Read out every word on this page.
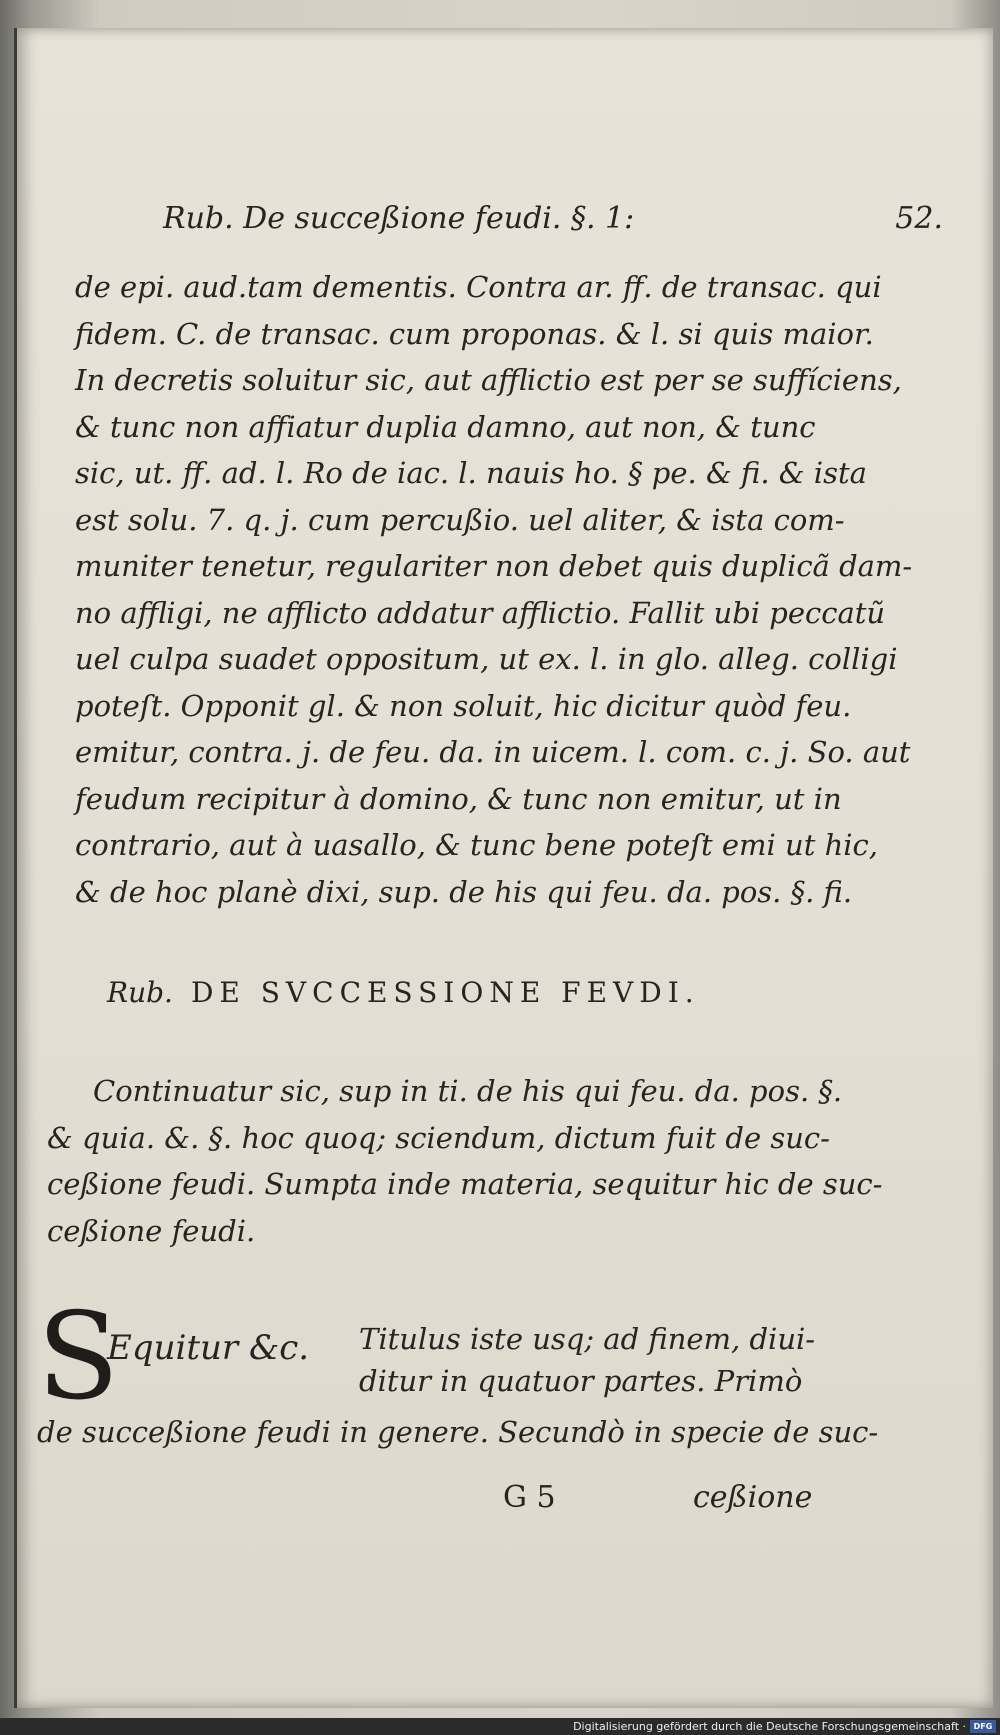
Rub. De succeßione feudi. §. 1:	52.
de epi. aud.tam dementis. Contra ar. ff. de transac. qui
fidem. C. de transac. cum proponas. & l. si quis maior.
In decretis soluitur sic, aut afflictio est per se suffíciens,
& tunc non affiatur duplia damno, aut non, & tunc
sic, ut. ff. ad. l. Ro de iac. l. nauis ho. § pe. & fi. & ista
est solu. 7. q. j. cum percußio. uel aliter, & ista com-
muniter tenetur, regulariter non debet quis duplicã dam-
no affligi, ne afflicto addatur afflictio. Fallit ubi peccatũ
uel culpa suadet oppositum, ut ex. l. in glo. alleg. colligi
poteſt. Opponit gl. & non soluit, hic dicitur quòd feu.
emitur, contra. j. de feu. da. in uicem. l. com. c. j. So. aut
feudum recipitur à domino, & tunc non emitur, ut in
contrario, aut à uasallo, & tunc bene poteſt emi ut hic,
& de hoc planè dixi, sup. de his qui feu. da. pos. §. fi.
Rub. DE SVCCESSIONE FEVDI.
Continuatur sic, sup in ti. de his qui feu. da. pos. §.
& quia. &. §. hoc quoq; sciendum, dictum fuit de suc-
ceßione feudi. Sumpta inde materia, sequitur hic de suc-
ceßione feudi.
S
Equitur &c. Titulus iste usq; ad finem, diui-
ditur in quatuor partes. Primò
de succeßione feudi in genere. Secundò in specie de suc-
G 5	ceßione
Digitalisierung gefördert durch die Deutsche Forschungsgemeinschaft · DFG
